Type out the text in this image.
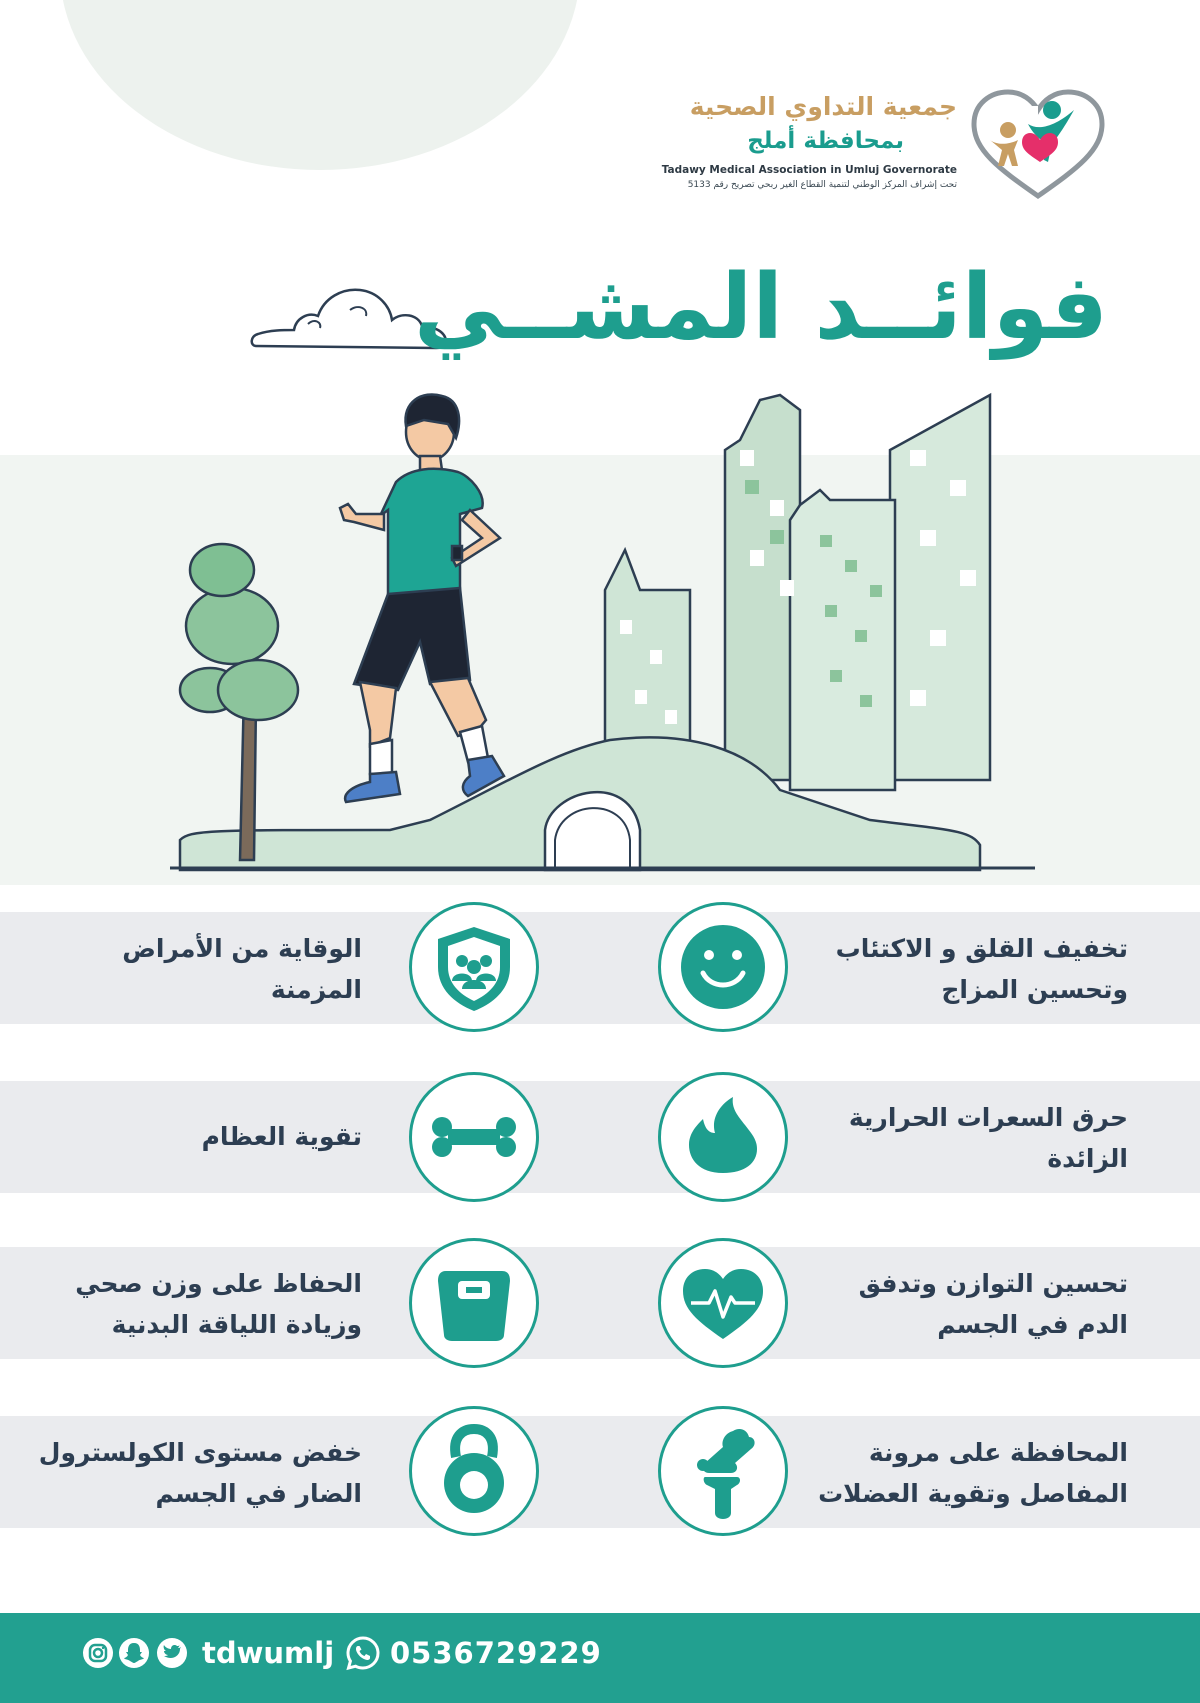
جمعية التداوي الصحية
بمحافظة أملج
Tadawy Medical Association in Umluj Governorate
تحت إشراف المركز الوطني لتنمية القطاع الغير ربحي تصريح رقم 5133
فوائــد المشــي
تخفيف القلق و الاكتئاب
وتحسين المزاج
الوقاية من الأمراض
المزمنة
حرق السعرات الحرارية
الزائدة
تقوية العظام
تحسين التوازن وتدفق
الدم في الجسم
الحفاظ على وزن صحي
وزيادة اللياقة البدنية
المحافظة على مرونة
المفاصل وتقوية العضلات
خفض مستوى الكولسترول
الضار في الجسم
tdwumlj 0536729229
